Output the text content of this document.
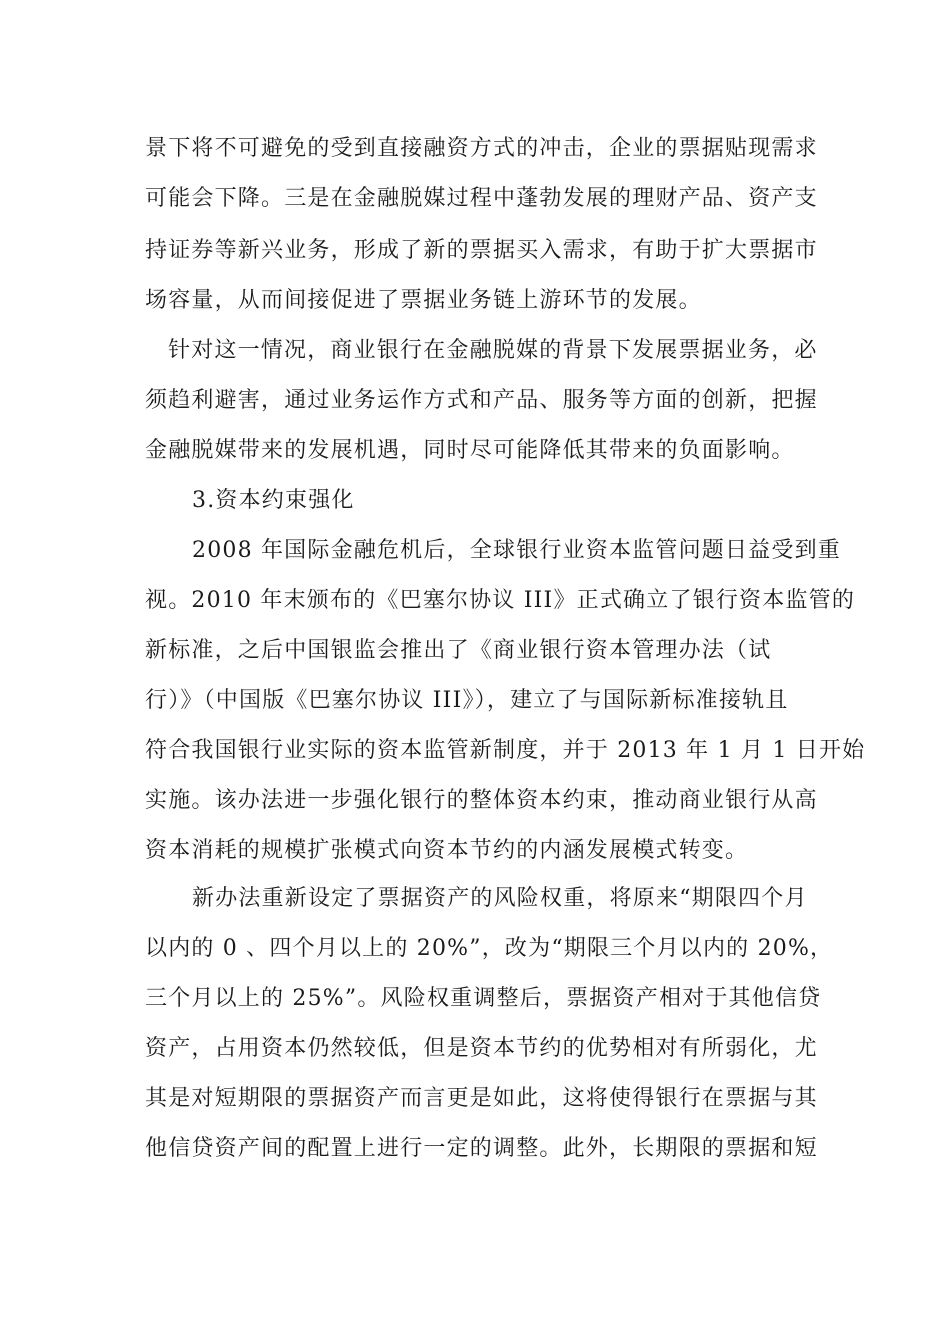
景下将不可避免的受到直接融资方式的冲击，企业的票据贴现需求
可能会下降。三是在金融脱媒过程中蓬勃发展的理财产品、资产支
持证券等新兴业务，形成了新的票据买入需求，有助于扩大票据市
场容量，从而间接促进了票据业务链上游环节的发展。
针对这一情况，商业银行在金融脱媒的背景下发展票据业务，必
须趋利避害，通过业务运作方式和产品、服务等方面的创新，把握
金融脱媒带来的发展机遇，同时尽可能降低其带来的负面影响。
3.资本约束强化
2008 年国际金融危机后，全球银行业资本监管问题日益受到重
视。2010 年末颁布的《巴塞尔协议 III》正式确立了银行资本监管的
新标准，之后中国银监会推出了《商业银行资本管理办法（试
行）》（中国版《巴塞尔协议 III》），建立了与国际新标准接轨且
符合我国银行业实际的资本监管新制度，并于 2013 年 1 月 1 日开始
实施。该办法进一步强化银行的整体资本约束，推动商业银行从高
资本消耗的规模扩张模式向资本节约的内涵发展模式转变。
新办法重新设定了票据资产的风险权重，将原来“期限四个月
以内的 0 、四个月以上的 20%”，改为“期限三个月以内的 20%，
三个月以上的 25%”。风险权重调整后，票据资产相对于其他信贷
资产，占用资本仍然较低，但是资本节约的优势相对有所弱化，尤
其是对短期限的票据资产而言更是如此，这将使得银行在票据与其
他信贷资产间的配置上进行一定的调整。此外，长期限的票据和短
